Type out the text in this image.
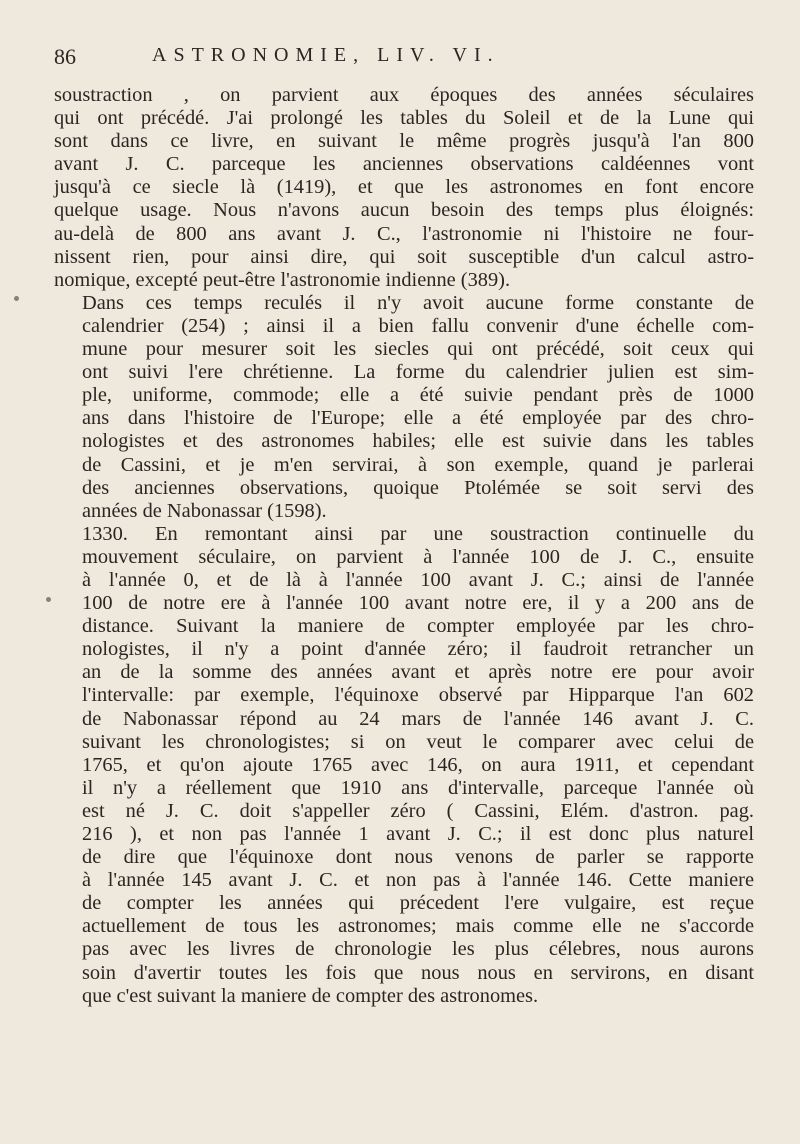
86	ASTRONOMIE, LIV. VI.
soustraction , on parvient aux époques des années séculaires
qui ont précédé. J'ai prolongé les tables du Soleil et de la Lune qui
sont dans ce livre, en suivant le même progrès jusqu'à l'an 800
avant J. C. parceque les anciennes observations caldéennes vont
jusqu'à ce siecle là (1419), et que les astronomes en font encore
quelque usage. Nous n'avons aucun besoin des temps plus éloignés:
au-delà de 800 ans avant J. C., l'astronomie ni l'histoire ne four-
nissent rien, pour ainsi dire, qui soit susceptible d'un calcul astro-
nomique, excepté peut-être l'astronomie indienne (389).
Dans ces temps reculés il n'y avoit aucune forme constante de
calendrier (254) ; ainsi il a bien fallu convenir d'une échelle com-
mune pour mesurer soit les siecles qui ont précédé, soit ceux qui
ont suivi l'ere chrétienne. La forme du calendrier julien est sim-
ple, uniforme, commode; elle a été suivie pendant près de 1000
ans dans l'histoire de l'Europe; elle a été employée par des chro-
nologistes et des astronomes habiles; elle est suivie dans les tables
de Cassini, et je m'en servirai, à son exemple, quand je parlerai
des anciennes observations, quoique Ptolémée se soit servi des
années de Nabonassar (1598).
1330. En remontant ainsi par une soustraction continuelle du
mouvement séculaire, on parvient à l'année 100 de J. C., ensuite
à l'année 0, et de là à l'année 100 avant J. C.; ainsi de l'année
100 de notre ere à l'année 100 avant notre ere, il y a 200 ans de
distance. Suivant la maniere de compter employée par les chro-
nologistes, il n'y a point d'année zéro; il faudroit retrancher un
an de la somme des années avant et après notre ere pour avoir
l'intervalle: par exemple, l'équinoxe observé par Hipparque l'an 602
de Nabonassar répond au 24 mars de l'année 146 avant J. C.
suivant les chronologistes; si on veut le comparer avec celui de
1765, et qu'on ajoute 1765 avec 146, on aura 1911, et cependant
il n'y a réellement que 1910 ans d'intervalle, parceque l'année où
est né J. C. doit s'appeller zéro ( Cassini, Elém. d'astron. pag.
216 ), et non pas l'année 1 avant J. C.; il est donc plus naturel
de dire que l'équinoxe dont nous venons de parler se rapporte
à l'année 145 avant J. C. et non pas à l'année 146. Cette maniere
de compter les années qui précedent l'ere vulgaire, est reçue
actuellement de tous les astronomes; mais comme elle ne s'accorde
pas avec les livres de chronologie les plus célebres, nous aurons
soin d'avertir toutes les fois que nous nous en servirons, en disant
que c'est suivant la maniere de compter des astronomes.
